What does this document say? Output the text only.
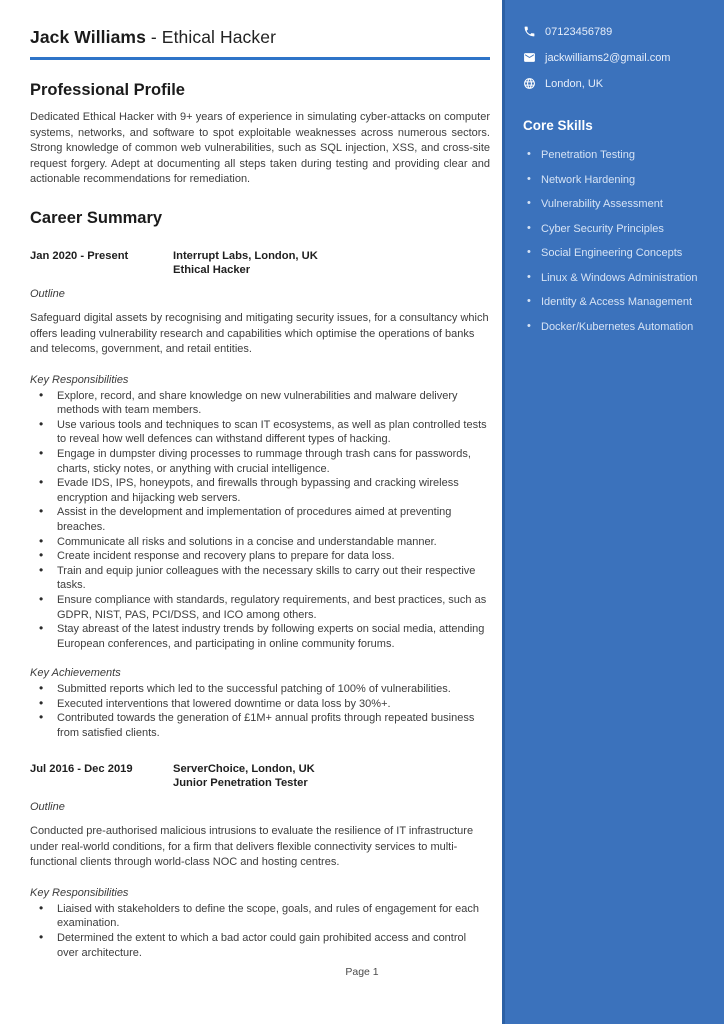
Jack Williams - Ethical Hacker
Professional Profile

Dedicated Ethical Hacker with 9+ years of experience in simulating cyber-attacks on computer systems, networks, and software to spot exploitable weaknesses across numerous sectors. Strong knowledge of common web vulnerabilities, such as SQL injection, XSS, and cross-site request forgery. Adept at documenting all steps taken during testing and providing clear and actionable recommendations for remediation.

Career Summary
Jan 2020 - Present	Interrupt Labs, London, UK
Ethical Hacker
Outline

Safeguard digital assets by recognising and mitigating security issues, for a consultancy which offers leading vulnerability research and capabilities which optimise the operations of banks and telecoms, government, and retail entities.

Key Responsibilities
• Explore, record, and share knowledge on new vulnerabilities and malware delivery methods with team members.
• Use various tools and techniques to scan IT ecosystems, as well as plan controlled tests to reveal how well defences can withstand different types of hacking.
• Engage in dumpster diving processes to rummage through trash cans for passwords, charts, sticky notes, or anything with crucial intelligence.
• Evade IDS, IPS, honeypots, and firewalls through bypassing and cracking wireless encryption and hijacking web servers.
• Assist in the development and implementation of procedures aimed at preventing breaches.
• Communicate all risks and solutions in a concise and understandable manner.
• Create incident response and recovery plans to prepare for data loss.
• Train and equip junior colleagues with the necessary skills to carry out their respective tasks.
• Ensure compliance with standards, regulatory requirements, and best practices, such as GDPR, NIST, PAS, PCI/DSS, and ICO among others.
• Stay abreast of the latest industry trends by following experts on social media, attending European conferences, and participating in online community forums.
Key Achievements
• Submitted reports which led to the successful patching of 100% of vulnerabilities.
• Executed interventions that lowered downtime or data loss by 30%+.
• Contributed towards the generation of £1M+ annual profits through repeated business from satisfied clients.
Jul 2016 - Dec 2019	ServerChoice, London, UK
Junior Penetration Tester
Outline

Conducted pre-authorised malicious intrusions to evaluate the resilience of IT infrastructure under real-world conditions, for a firm that delivers flexible connectivity services to multi-functional clients through world-class NOC and hosting centres.

Key Responsibilities
• Liaised with stakeholders to define the scope, goals, and rules of engagement for each examination.
• Determined the extent to which a bad actor could gain prohibited access and control over architecture.
Page 1
07123456789
jackwilliams2@gmail.com
London, UK
Core Skills
• Penetration Testing
• Network Hardening
• Vulnerability Assessment
• Cyber Security Principles
• Social Engineering Concepts
• Linux & Windows Administration
• Identity & Access Management
• Docker/Kubernetes Automation
